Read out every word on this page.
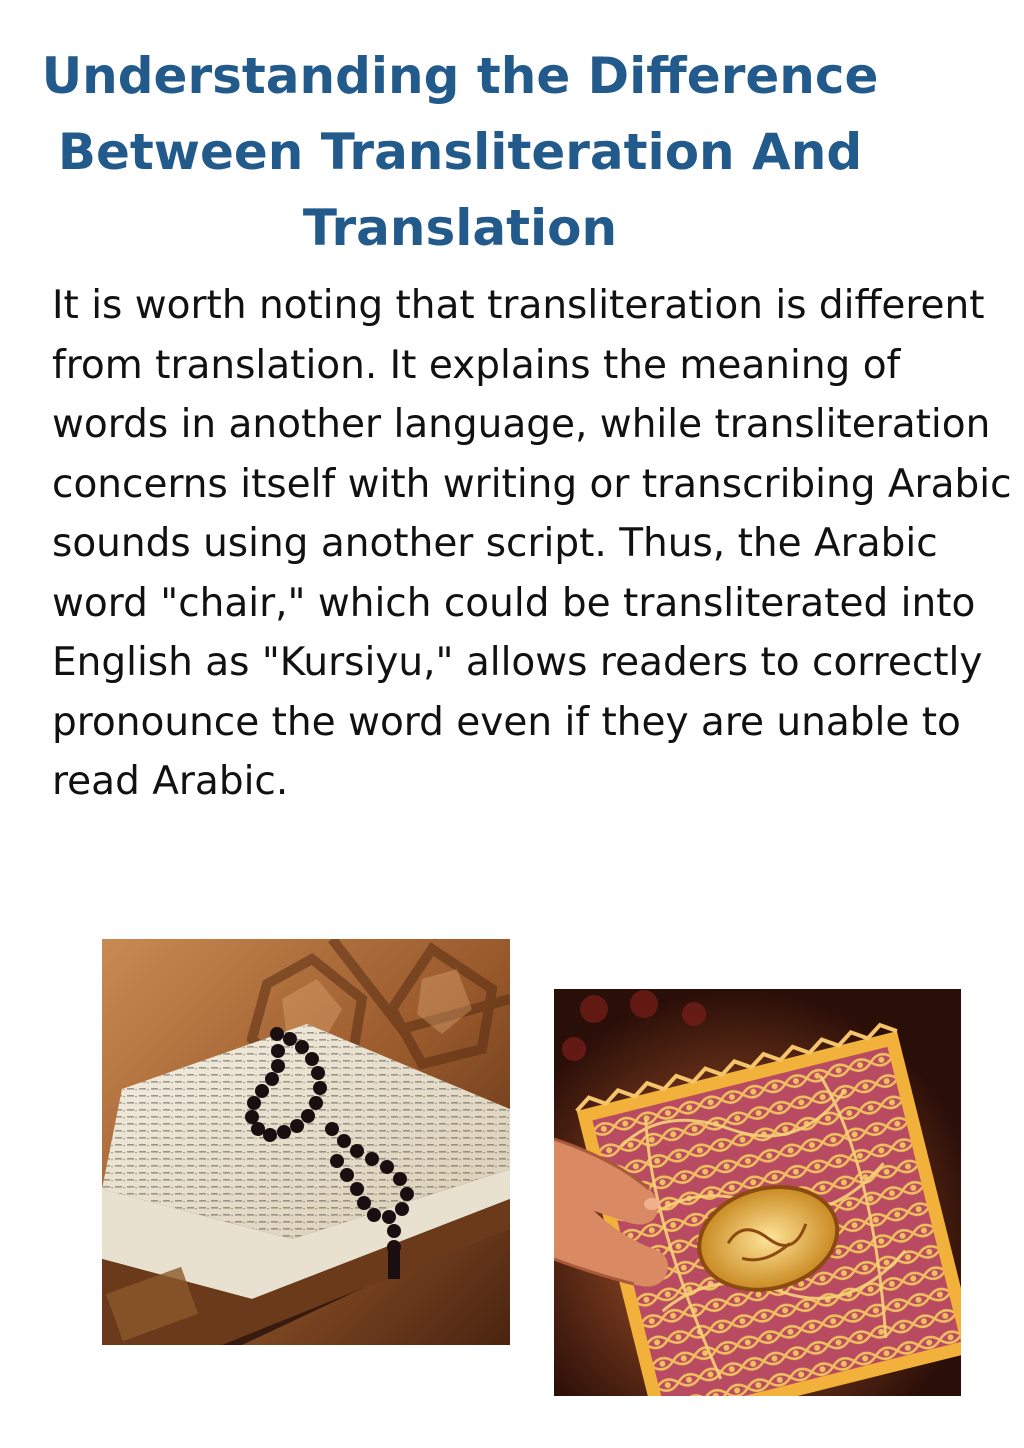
Understanding the Difference
Between Transliteration And
Translation

It is worth noting that transliteration is different
from translation. It explains the meaning of
words in another language, while transliteration
concerns itself with writing or transcribing Arabic
sounds using another script. Thus, the Arabic
word "chair," which could be transliterated into
English as "Kursiyu," allows readers to correctly
pronounce the word even if they are unable to
read Arabic.
